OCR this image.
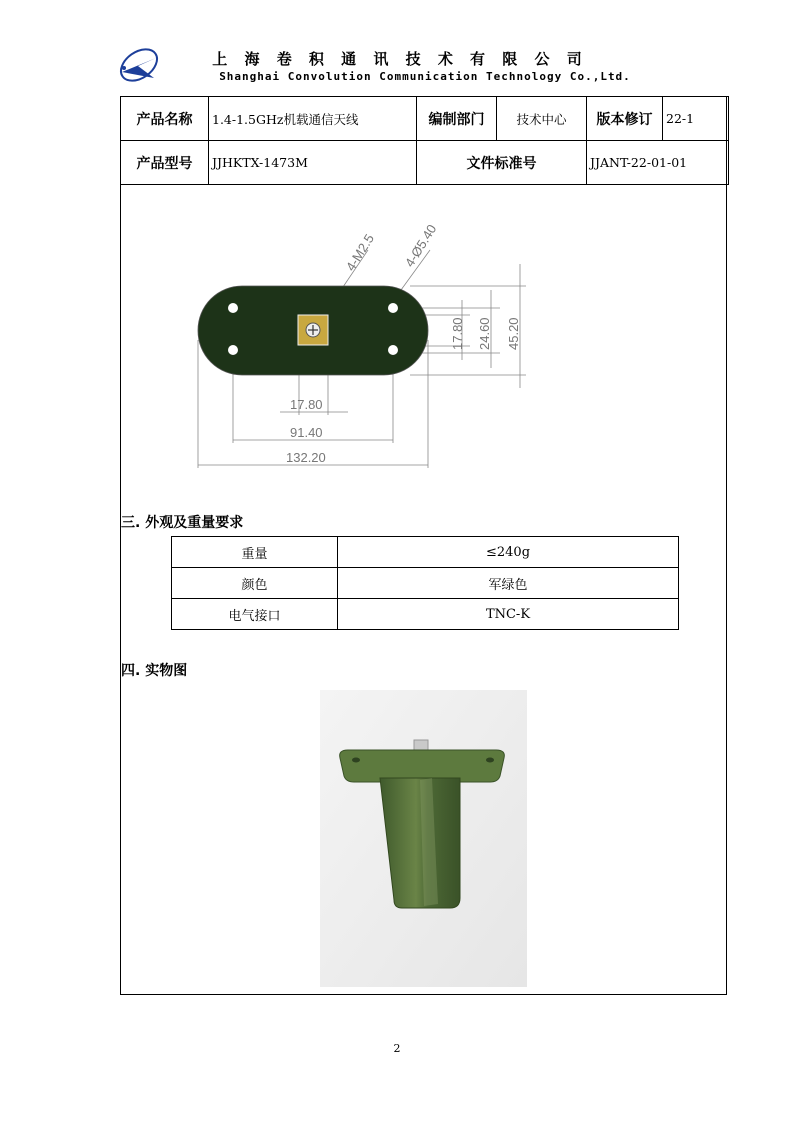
上 海 卷 积 通 讯 技 术 有 限 公 司
Shanghai Convolution Communication Technology Co.,Ltd.
产品名称	1.4-1.5GHz机载通信天线	编制部门	技术中心	版本修订	22-1
产品型号	JJHKTX-1473M	文件标准号		JJANT-22-01-01	
4-M2.5 4-Ø5.40
17.80 24.60 45.20
17.80
91.40
132.20
三. 外观及重量要求
重量	≤240g
颜色	军绿色
电气接口	TNC-K
四. 实物图
2
